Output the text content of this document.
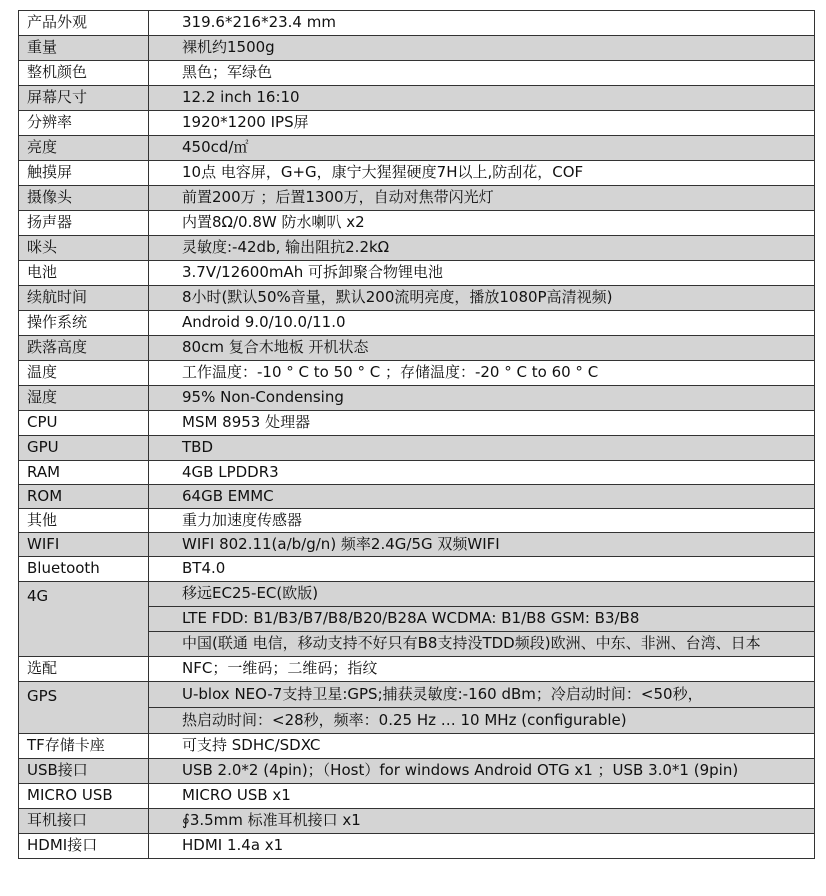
产品外观	319.6*216*23.4 mm
重量	裸机约1500g
整机颜色	黑色；军绿色
屏幕尺寸	12.2 inch 16:10
分辨率	1920*1200 IPS屏
亮度	450cd/㎡
触摸屏	10点 电容屏，G+G，康宁大猩猩硬度7H以上,防刮花，COF
摄像头	前置200万 ；后置1300万，自动对焦带闪光灯
扬声器	内置8Ω/0.8W 防水喇叭 x2
咪头	灵敏度:-42db, 输出阻抗2.2kΩ
电池	3.7V/12600mAh 可拆卸聚合物锂电池
续航时间	8小时(默认50%音量，默认200流明亮度，播放1080P高清视频)
操作系统	Android 9.0/10.0/11.0
跌落高度	80cm 复合木地板 开机状态
温度	工作温度：-10 ° C to 50 ° C ；存储温度：-20 ° C to 60 ° C
湿度	95% Non-Condensing
CPU	MSM 8953 处理器
GPU	TBD
RAM	4GB LPDDR3
ROM	64GB EMMC
其他	重力加速度传感器
WIFI	WIFI 802.11(a/b/g/n) 频率2.4G/5G 双频WIFI
Bluetooth	BT4.0
4G	移远EC25-EC(欧版)
	LTE FDD: B1/B3/B7/B8/B20/B28A WCDMA: B1/B8 GSM: B3/B8
	中国(联通 电信，移动支持不好只有B8支持没TDD频段)欧洲、中东、非洲、台湾、日本
选配	NFC；一维码；二维码；指纹
GPS	U-blox NEO-7支持卫星:GPS;捕获灵敏度:-160 dBm；冷启动时间：<50秒，
	热启动时间：<28秒，频率：0.25 Hz … 10 MHz (configurable)
TF存储卡座	可支持 SDHC/SDXC
USB接口	USB 2.0*2 (4pin)；（Host）for windows Android OTG x1 ；USB 3.0*1 (9pin)
MICRO USB	MICRO USB x1
耳机接口	∮3.5mm 标准耳机接口 x1
HDMI接口	HDMI 1.4a x1
